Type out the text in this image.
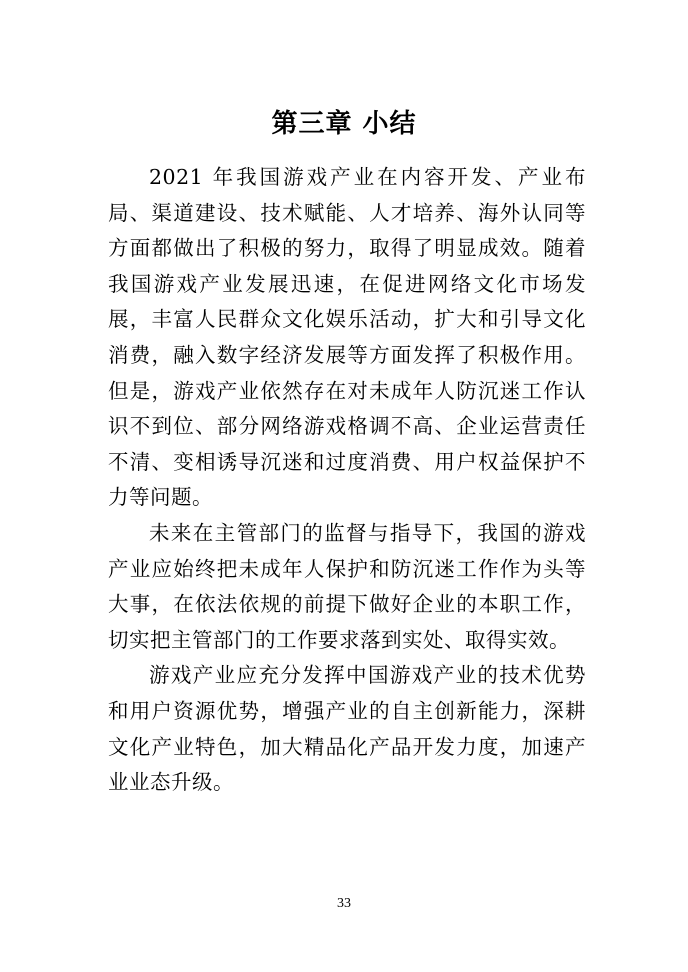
第三章 小结

2021 年我国游戏产业在内容开发、产业布局、渠道建设、技术赋能、人才培养、海外认同等方面都做出了积极的努力，取得了明显成效。随着我国游戏产业发展迅速，在促进网络文化市场发展，丰富人民群众文化娱乐活动，扩大和引导文化消费，融入数字经济发展等方面发挥了积极作用。但是，游戏产业依然存在对未成年人防沉迷工作认识不到位、部分网络游戏格调不高、企业运营责任不清、变相诱导沉迷和过度消费、用户权益保护不力等问题。

未来在主管部门的监督与指导下，我国的游戏产业应始终把未成年人保护和防沉迷工作作为头等大事，在依法依规的前提下做好企业的本职工作，切实把主管部门的工作要求落到实处、取得实效。

游戏产业应充分发挥中国游戏产业的技术优势和用户资源优势，增强产业的自主创新能力，深耕文化产业特色，加大精品化产品开发力度，加速产业业态升级。

33
